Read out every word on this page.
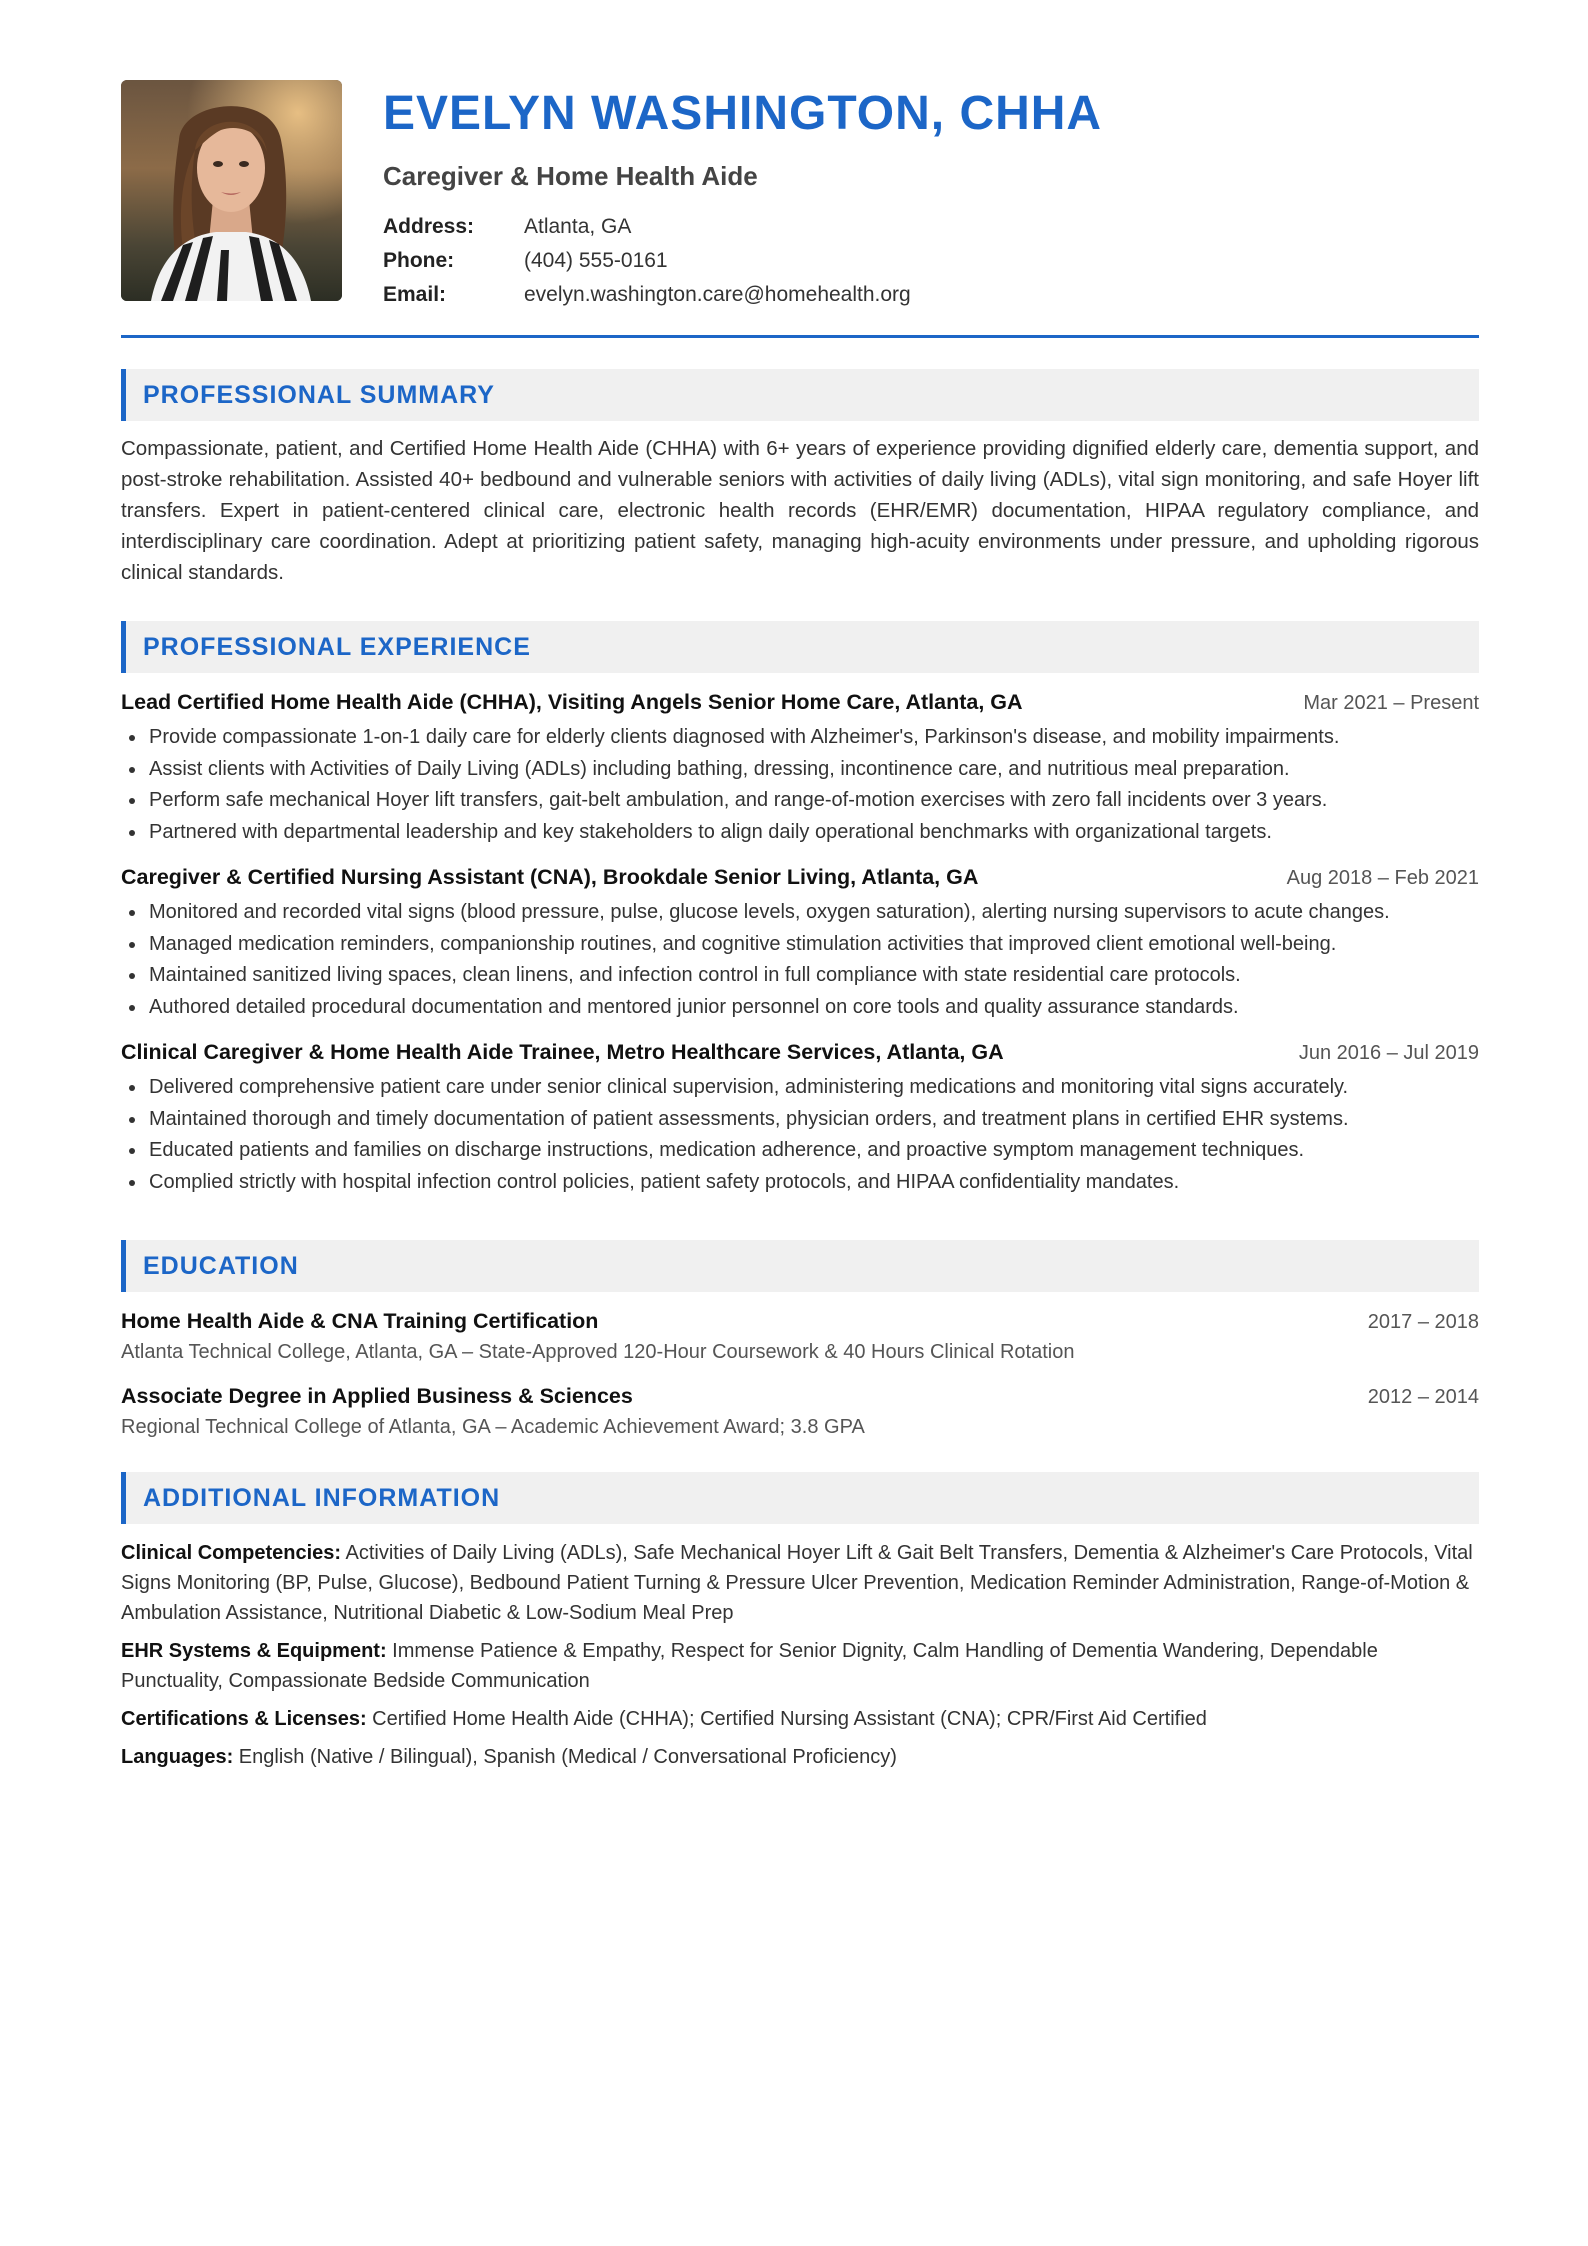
EVELYN WASHINGTON, CHHA
Caregiver & Home Health Aide
Address:	Atlanta, GA
Phone:	(404) 555-0161
Email:	evelyn.washington.care@homehealth.org
PROFESSIONAL SUMMARY

Compassionate, patient, and Certified Home Health Aide (CHHA) with 6+ years of experience providing dignified elderly care, dementia support, and post-stroke rehabilitation. Assisted 40+ bedbound and vulnerable seniors with activities of daily living (ADLs), vital sign monitoring, and safe Hoyer lift transfers. Expert in patient-centered clinical care, electronic health records (EHR/EMR) documentation, HIPAA regulatory compliance, and interdisciplinary care coordination. Adept at prioritizing patient safety, managing high-acuity environments under pressure, and upholding rigorous clinical standards.

PROFESSIONAL EXPERIENCE
Lead Certified Home Health Aide (CHHA), Visiting Angels Senior Home Care, Atlanta, GA	Mar 2021 – Present
Provide compassionate 1-on-1 daily care for elderly clients diagnosed with Alzheimer's, Parkinson's disease, and mobility impairments.
Assist clients with Activities of Daily Living (ADLs) including bathing, dressing, incontinence care, and nutritious meal preparation.
Perform safe mechanical Hoyer lift transfers, gait-belt ambulation, and range-of-motion exercises with zero fall incidents over 3 years.
Partnered with departmental leadership and key stakeholders to align daily operational benchmarks with organizational targets.
Caregiver & Certified Nursing Assistant (CNA), Brookdale Senior Living, Atlanta, GA	Aug 2018 – Feb 2021
Monitored and recorded vital signs (blood pressure, pulse, glucose levels, oxygen saturation), alerting nursing supervisors to acute changes.
Managed medication reminders, companionship routines, and cognitive stimulation activities that improved client emotional well-being.
Maintained sanitized living spaces, clean linens, and infection control in full compliance with state residential care protocols.
Authored detailed procedural documentation and mentored junior personnel on core tools and quality assurance standards.
Clinical Caregiver & Home Health Aide Trainee, Metro Healthcare Services, Atlanta, GA	Jun 2016 – Jul 2019
Delivered comprehensive patient care under senior clinical supervision, administering medications and monitoring vital signs accurately.
Maintained thorough and timely documentation of patient assessments, physician orders, and treatment plans in certified EHR systems.
Educated patients and families on discharge instructions, medication adherence, and proactive symptom management techniques.
Complied strictly with hospital infection control policies, patient safety protocols, and HIPAA confidentiality mandates.
EDUCATION
Home Health Aide & CNA Training Certification	2017 – 2018
Atlanta Technical College, Atlanta, GA – State-Approved 120-Hour Coursework & 40 Hours Clinical Rotation
Associate Degree in Applied Business & Sciences	2012 – 2014
Regional Technical College of Atlanta, GA – Academic Achievement Award; 3.8 GPA
ADDITIONAL INFORMATION

Clinical Competencies: Activities of Daily Living (ADLs), Safe Mechanical Hoyer Lift & Gait Belt Transfers, Dementia & Alzheimer's Care Protocols, Vital Signs Monitoring (BP, Pulse, Glucose), Bedbound Patient Turning & Pressure Ulcer Prevention, Medication Reminder Administration, Range-of-Motion & Ambulation Assistance, Nutritional Diabetic & Low-Sodium Meal Prep

EHR Systems & Equipment: Immense Patience & Empathy, Respect for Senior Dignity, Calm Handling of Dementia Wandering, Dependable Punctuality, Compassionate Bedside Communication

Certifications & Licenses: Certified Home Health Aide (CHHA); Certified Nursing Assistant (CNA); CPR/First Aid Certified

Languages: English (Native / Bilingual), Spanish (Medical / Conversational Proficiency)
